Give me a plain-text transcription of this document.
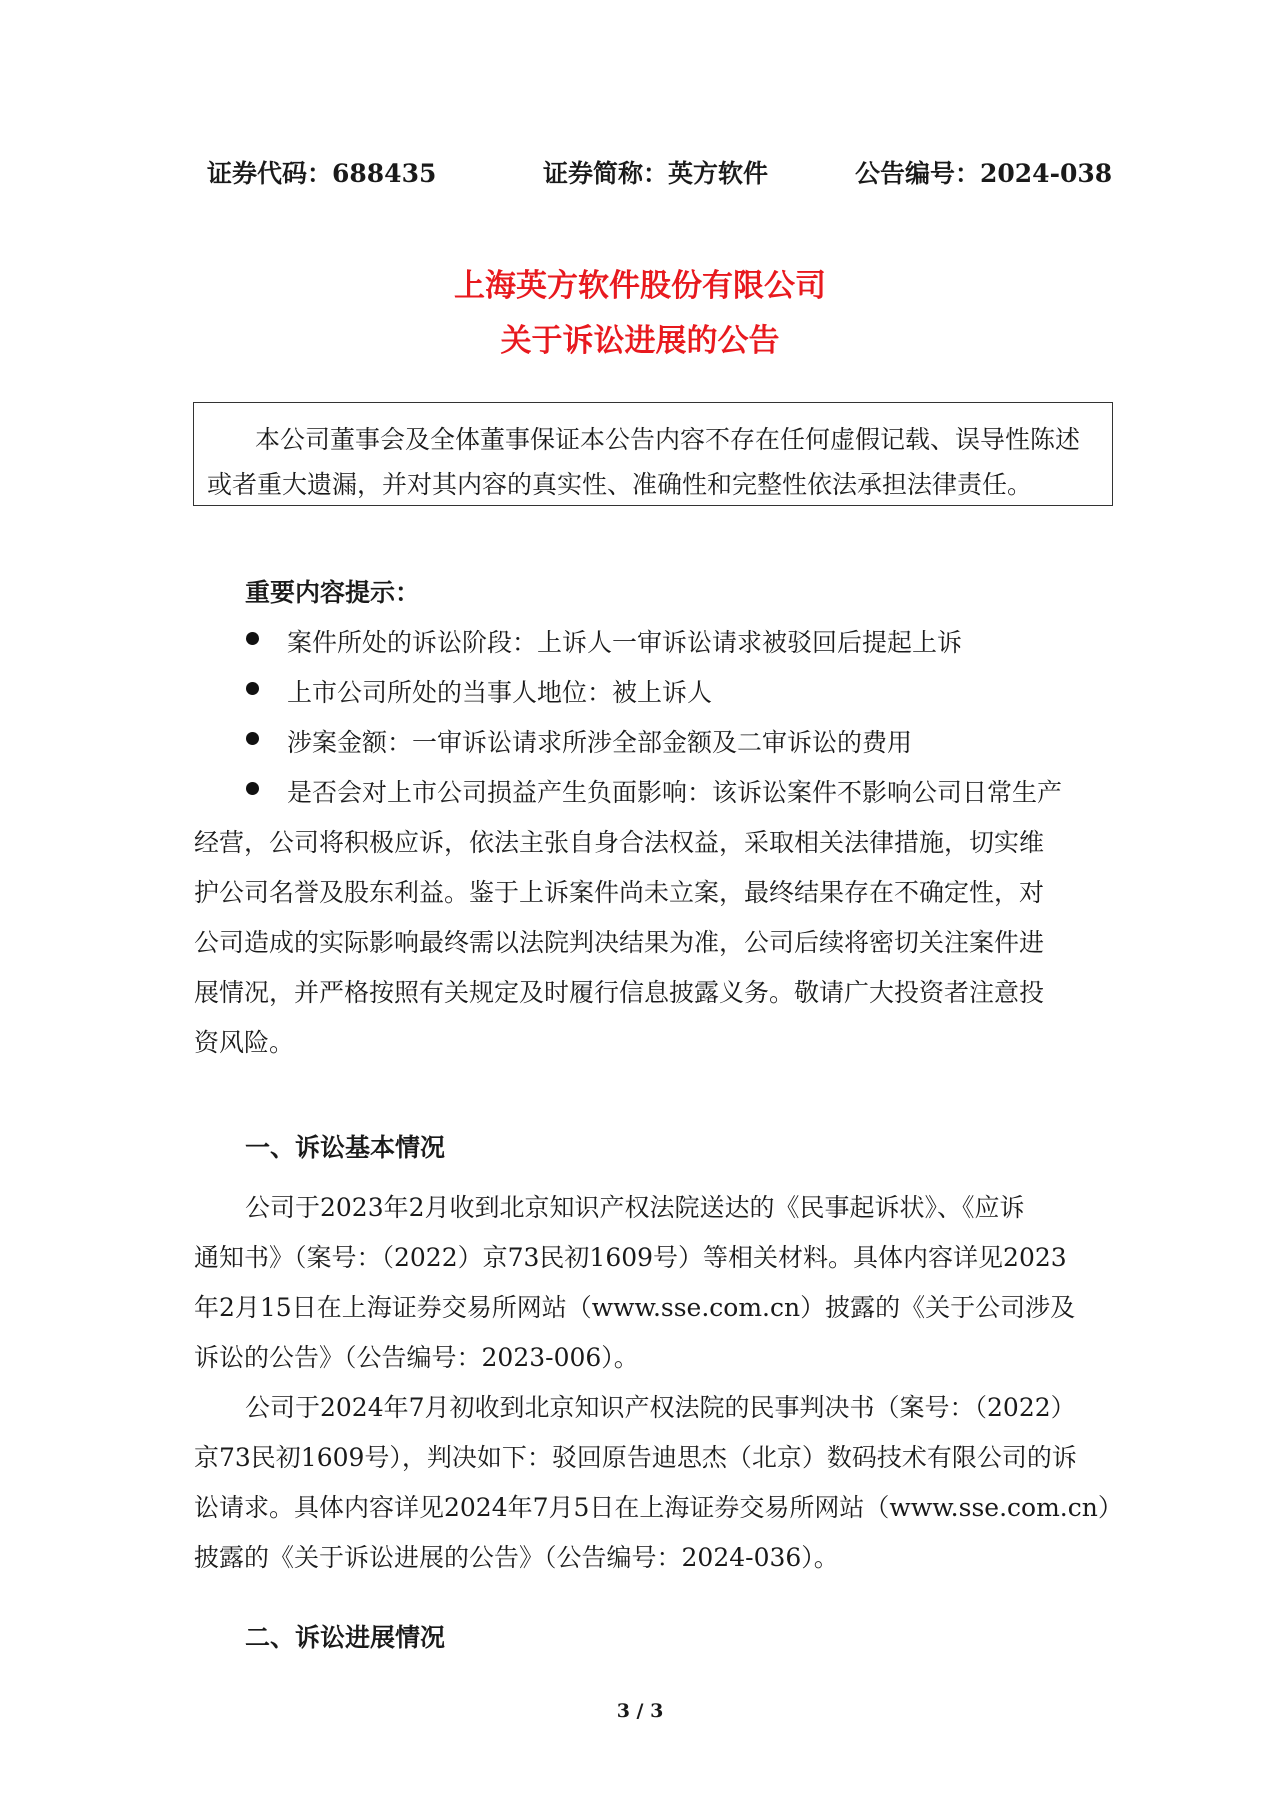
证券代码：688435	证券简称：英方软件	公告编号：2024-038
上海英方软件股份有限公司
关于诉讼进展的公告
本公司董事会及全体董事保证本公告内容不存在任何虚假记载、误导性陈述
或者重大遗漏，并对其内容的真实性、准确性和完整性依法承担法律责任。
重要内容提示：
案件所处的诉讼阶段：上诉人一审诉讼请求被驳回后提起上诉
上市公司所处的当事人地位：被上诉人
涉案金额：一审诉讼请求所涉全部金额及二审诉讼的费用
是否会对上市公司损益产生负面影响：该诉讼案件不影响公司日常生产
经营，公司将积极应诉，依法主张自身合法权益，采取相关法律措施，切实维
护公司名誉及股东利益。鉴于上诉案件尚未立案，最终结果存在不确定性，对
公司造成的实际影响最终需以法院判决结果为准，公司后续将密切关注案件进
展情况，并严格按照有关规定及时履行信息披露义务。敬请广大投资者注意投
资风险。
一、诉讼基本情况
公司于2023年2月收到北京知识产权法院送达的《民事起诉状》、《应诉
通知书》（案号：（2022）京73民初1609号）等相关材料。具体内容详见2023
年2月15日在上海证券交易所网站（www.sse.com.cn）披露的《关于公司涉及
诉讼的公告》（公告编号：2023-006）。
公司于2024年7月初收到北京知识产权法院的民事判决书（案号：（2022）
京73民初1609号），判决如下：驳回原告迪思杰（北京）数码技术有限公司的诉
讼请求。具体内容详见2024年7月5日在上海证券交易所网站（www.sse.com.cn）
披露的《关于诉讼进展的公告》（公告编号：2024-036）。
二、诉讼进展情况
3 / 3
